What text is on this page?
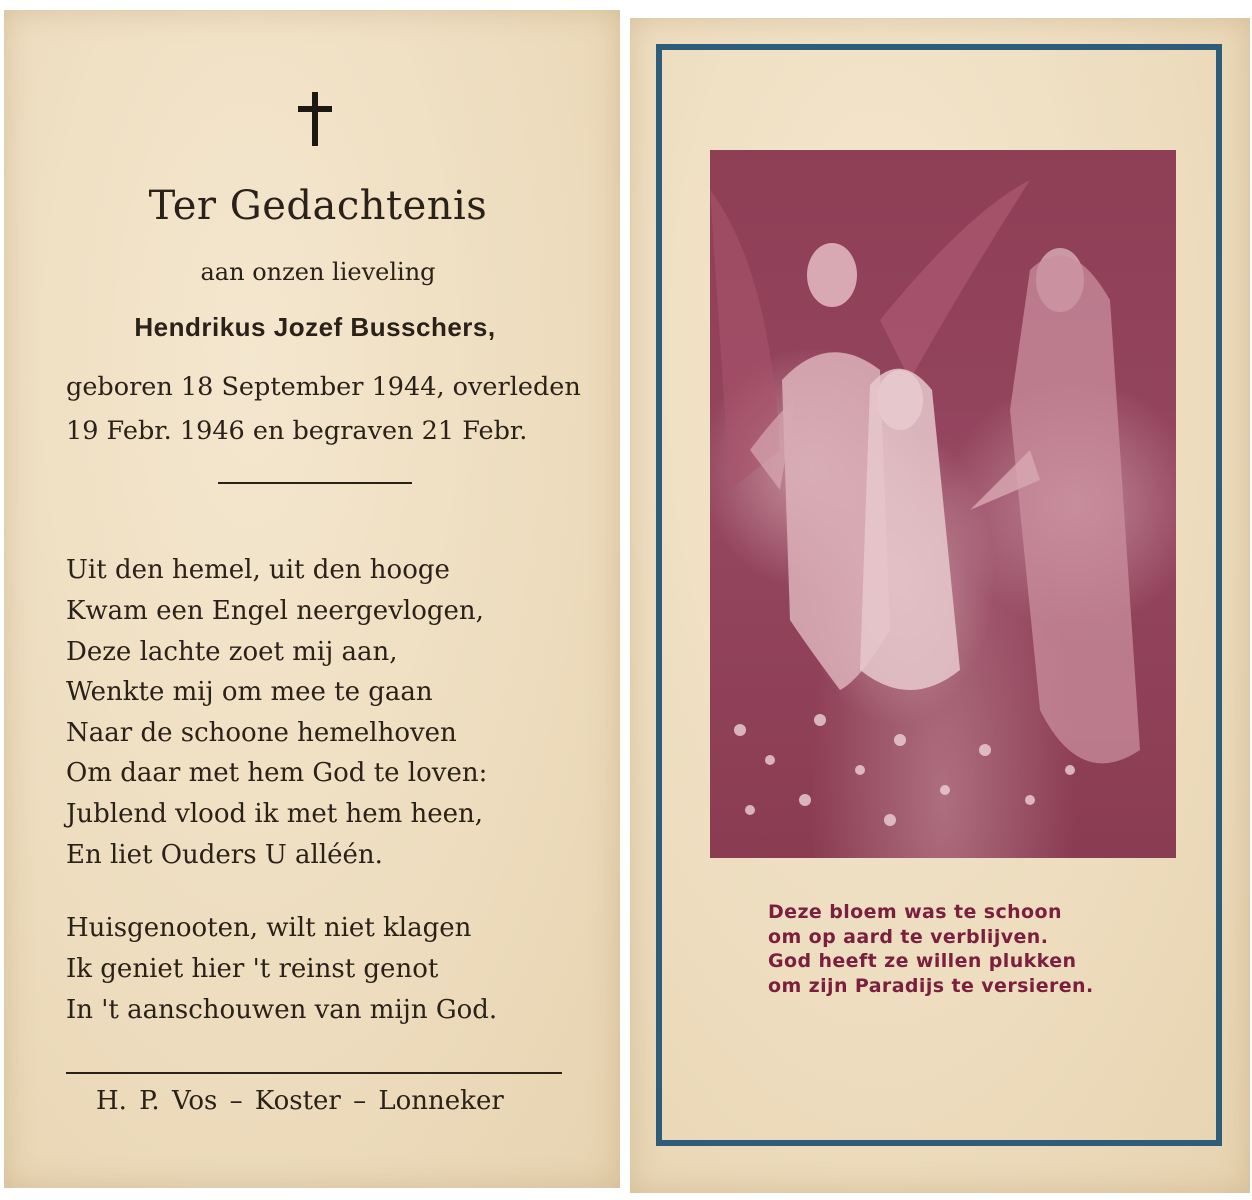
Ter Gedachtenis
aan onzen lieveling
Hendrikus Jozef Busschers,
geboren 18 September 1944, overleden
19 Febr. 1946 en begraven 21 Febr.
Uit den hemel, uit den hooge
Kwam een Engel neergevlogen,
Deze lachte zoet mij aan,
Wenkte mij om mee te gaan
Naar de schoone hemelhoven
Om daar met hem God te loven:
Jublend vlood ik met hem heen,
En liet Ouders U alléén.
Huisgenooten, wilt niet klagen
Ik geniet hier 't reinst genot
In 't aanschouwen van mijn God.
H. P. Vos – Koster – Lonneker
Deze bloem was te schoon
om op aard te verblijven.
God heeft ze willen plukken
om zijn Paradijs te versieren.
